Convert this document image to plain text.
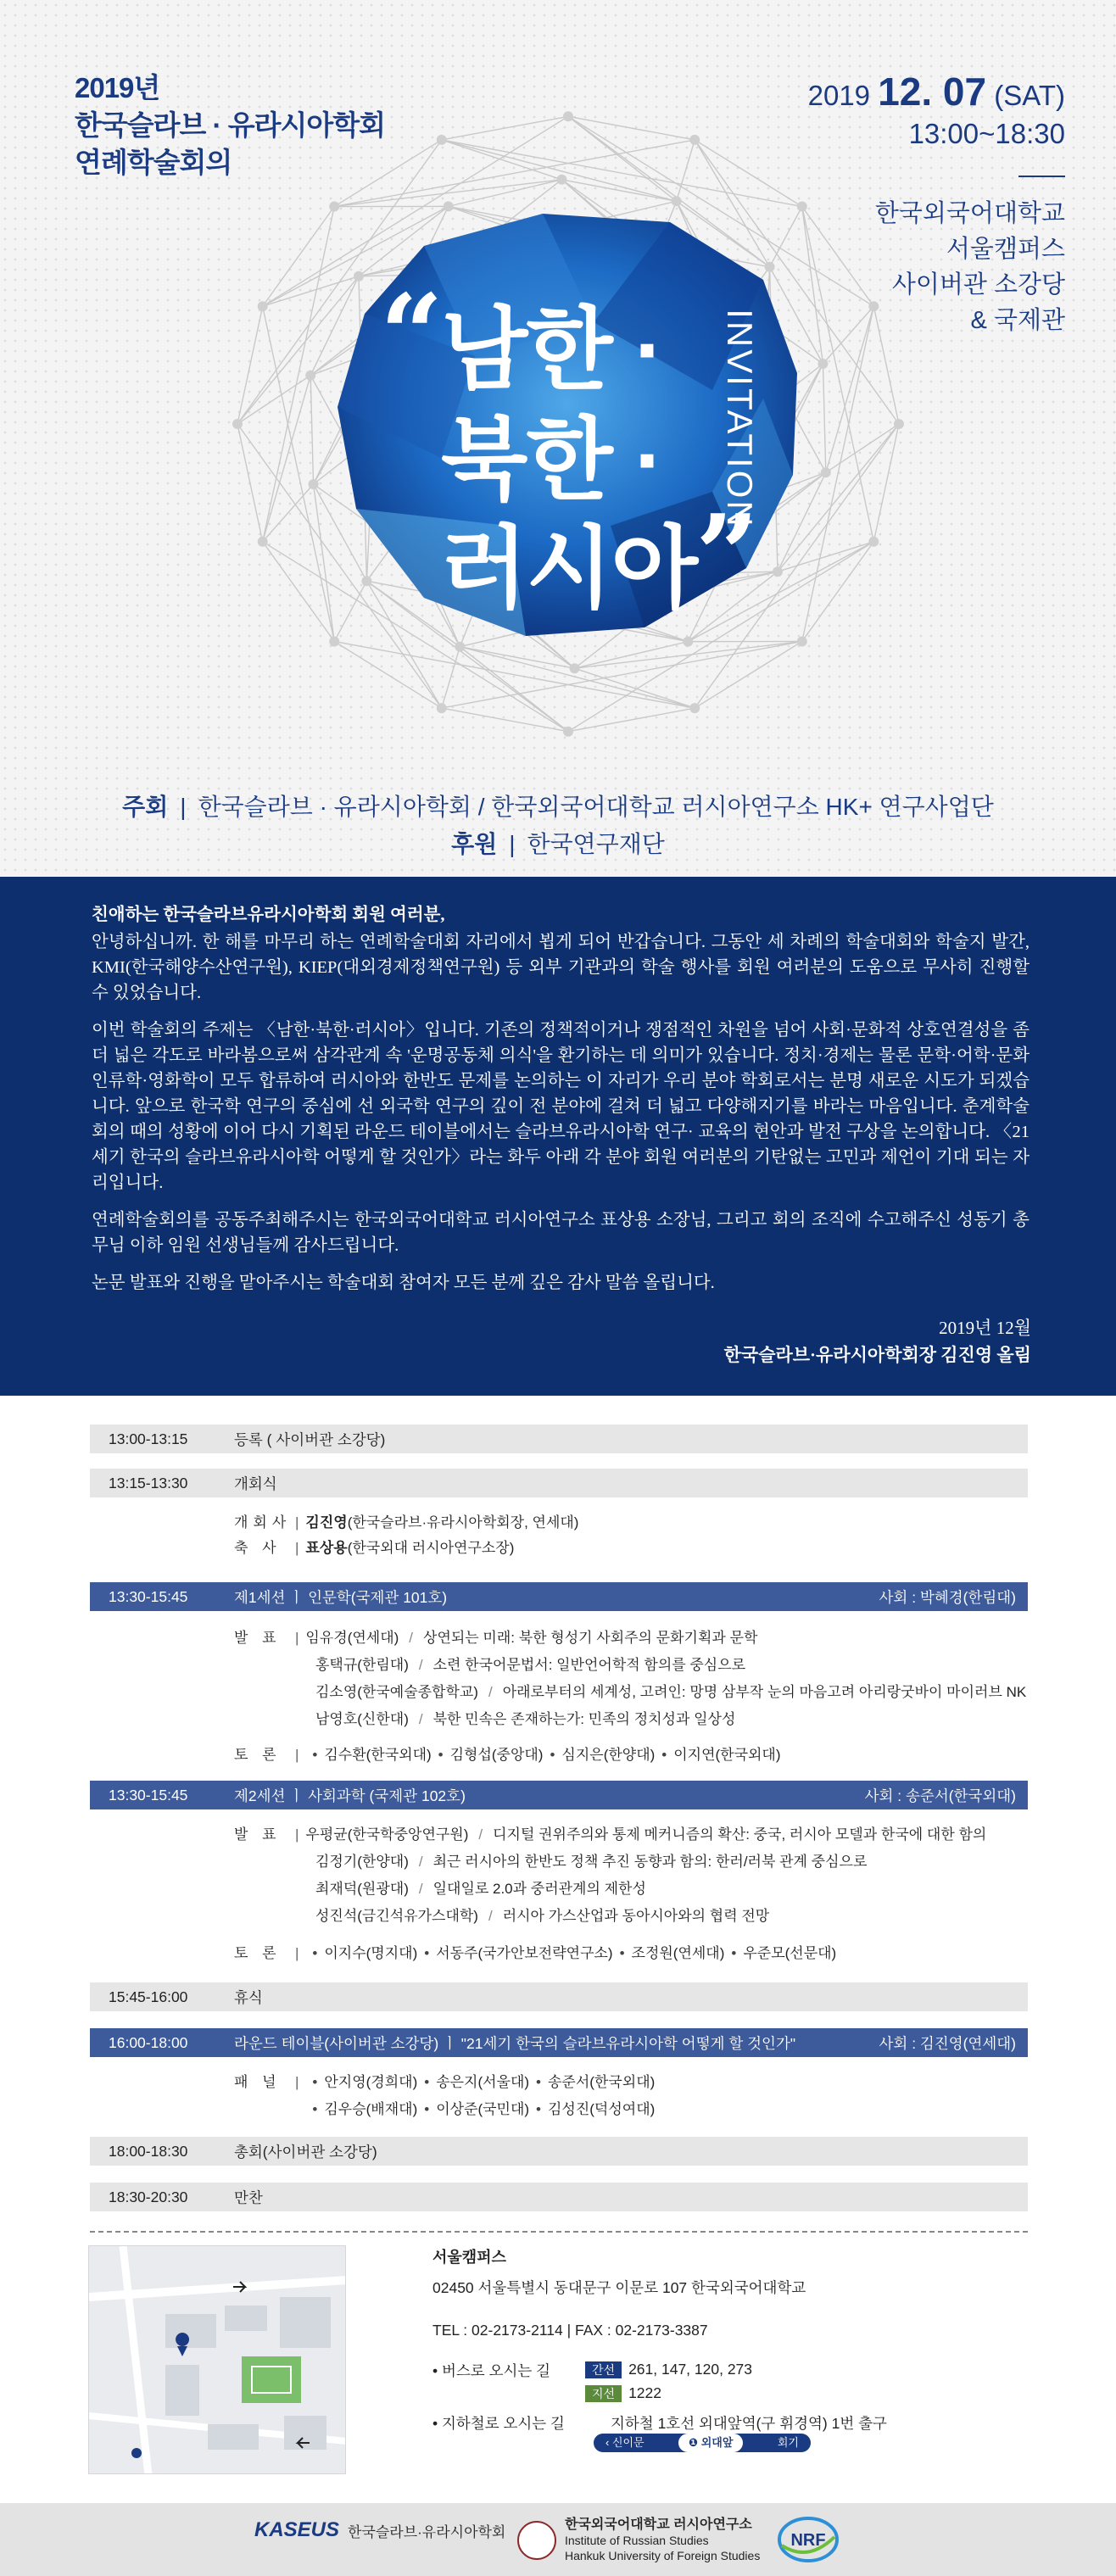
2019년
한국슬라브 · 유라시아학회
연례학술회의
2019 12. 07 (SAT)
13:00~18:30
한국외국어대학교
서울캠퍼스
사이버관 소강당
& 국제관
“
남한 ·
북한 ·
러시아
”
INVITATION
주회 | 한국슬라브 · 유라시아학회 / 한국외국어대학교 러시아연구소 HK+ 연구사업단
후원 | 한국연구재단
친애하는 한국슬라브유라시아학회 회원 여러분,

안녕하십니까. 한 해를 마무리 하는 연례학술대회 자리에서 뵙게 되어 반갑습니다. 그동안 세 차례의 학술대회와 학술지 발간, KMI(한국해양수산연구원), KIEP(대외경제정책연구원) 등 외부 기관과의 학술 행사를 회원 여러분의 도움으로 무사히 진행할 수 있었습니다.

이번 학술회의 주제는 〈남한·북한·러시아〉입니다. 기존의 정책적이거나 쟁점적인 차원을 넘어 사회·문화적 상호연결성을 좀 더 넓은 각도로 바라봄으로써 삼각관계 속 '운명공동체 의식'을 환기하는 데 의미가 있습니다. 정치·경제는 물론 문학·어학·문화인류학·영화학이 모두 합류하여 러시아와 한반도 문제를 논의하는 이 자리가 우리 분야 학회로서는 분명 새로운 시도가 되겠습니다. 앞으로 한국학 연구의 중심에 선 외국학 연구의 깊이 전 분야에 걸쳐 더 넓고 다양해지기를 바라는 마음입니다. 춘계학술회의 때의 성황에 이어 다시 기획된 라운드 테이블에서는 슬라브유라시아학 연구· 교육의 현안과 발전 구상을 논의합니다. 〈21세기 한국의 슬라브유라시아학 어떻게 할 것인가〉라는 화두 아래 각 분야 회원 여러분의 기탄없는 고민과 제언이 기대 되는 자리입니다.

연례학술회의를 공동주최해주시는 한국외국어대학교 러시아연구소 표상용 소장님, 그리고 회의 조직에 수고해주신 성동기 총무님 이하 임원 선생님들께 감사드립니다.

논문 발표와 진행을 맡아주시는 학술대회 참여자 모든 분께 깊은 감사 말씀 올립니다.

2019년 12월
한국슬라브·유라시아학회장 김진영 올림
13:00-13:15	등록 ( 사이버관 소강당)
13:15-13:30	개회식
개회사 | 김진영(한국슬라브·유라시아학회장, 연세대)
축 사 | 표상용(한국외대 러시아연구소장)
13:30-15:45	제1세션 ㅣ 인문학(국제관 101호)	사회 : 박혜경(한림대)
발 표 | 임유경(연세대) / 상연되는 미래: 북한 형성기 사회주의 문화기획과 문학
홍택규(한림대) / 소련 한국어문법서: 일반언어학적 함의를 중심으로
김소영(한국예술종합학교) / 아래로부터의 세계성, 고려인: 망명 삼부작 눈의 마음고려 아리랑굿바이 마이러브 NK
남영호(신한대) / 북한 민속은 존재하는가: 민족의 정치성과 일상성
토 론 | • 김수환(한국외대) • 김형섭(중앙대) • 심지은(한양대) • 이지연(한국외대)
13:30-15:45	제2세션 ㅣ 사회과학 (국제관 102호)	사회 : 송준서(한국외대)
발 표 | 우평균(한국학중앙연구원) / 디지털 권위주의와 통제 메커니즘의 확산: 중국, 러시아 모델과 한국에 대한 함의
김정기(한양대) / 최근 러시아의 한반도 정책 추진 동향과 함의: 한러/러북 관계 중심으로
최재덕(원광대) / 일대일로 2.0과 중러관계의 제한성
성진석(금긴석유가스대학) / 러시아 가스산업과 동아시아와의 협력 전망
토 론 | • 이지수(명지대) • 서동주(국가안보전략연구소) • 조정원(연세대) • 우준모(선문대)
15:45-16:00	휴식
16:00-18:00	라운드 테이블(사이버관 소강당) ㅣ "21세기 한국의 슬라브유라시아학 어떻게 할 것인가"	사회 : 김진영(연세대)
패 널 | • 안지영(경희대) • 송은지(서울대) • 송준서(한국외대)
• 김우승(배재대) • 이상준(국민대) • 김성진(덕성여대)
18:00-18:30	총회(사이버관 소강당)
18:30-20:30	만찬
서울캠퍼스
02450 서울특별시 동대문구 이문로 107 한국외국어대학교
TEL : 02-2173-2114 | FAX : 02-2173-3387
• 버스로 오시는 길	간선 261, 147, 120, 273
지선 1222
• 지하철로 오시는 길	지하철 1호선 외대앞역(구 휘경역) 1번 출구
‹ 신이문	❶ 외대앞	회기
KASEUS 한국슬라브·유라시아학회	한국외국어대학교 러시아연구소
Institute of Russian Studies
Hankuk University of Foreign Studies
NRF
